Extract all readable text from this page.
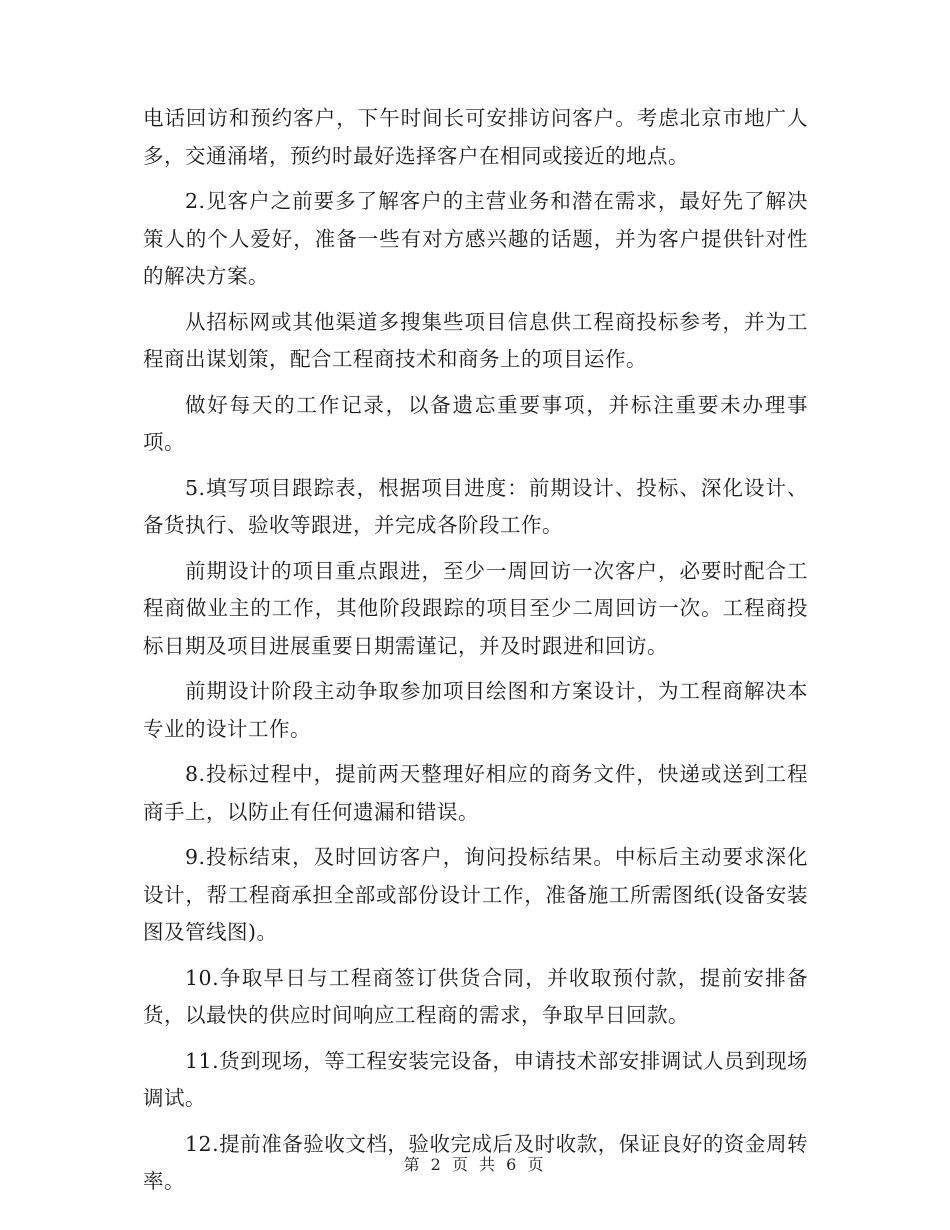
电话回访和预约客户，下午时间长可安排访问客户。考虑北京市地广人多，交通涌堵，预约时最好选择客户在相同或接近的地点。

2.见客户之前要多了解客户的主营业务和潜在需求，最好先了解决策人的个人爱好，准备一些有对方感兴趣的话题，并为客户提供针对性的解决方案。

从招标网或其他渠道多搜集些项目信息供工程商投标参考，并为工程商出谋划策，配合工程商技术和商务上的项目运作。

做好每天的工作记录，以备遗忘重要事项，并标注重要未办理事项。

5.填写项目跟踪表，根据项目进度：前期设计、投标、深化设计、备货执行、验收等跟进，并完成各阶段工作。

前期设计的项目重点跟进，至少一周回访一次客户，必要时配合工程商做业主的工作，其他阶段跟踪的项目至少二周回访一次。工程商投标日期及项目进展重要日期需谨记，并及时跟进和回访。

前期设计阶段主动争取参加项目绘图和方案设计，为工程商解决本专业的设计工作。

8.投标过程中，提前两天整理好相应的商务文件，快递或送到工程商手上，以防止有任何遗漏和错误。

9.投标结束，及时回访客户，询问投标结果。中标后主动要求深化设计，帮工程商承担全部或部份设计工作，准备施工所需图纸(设备安装图及管线图)。

10.争取早日与工程商签订供货合同，并收取预付款，提前安排备货，以最快的供应时间响应工程商的需求，争取早日回款。

11.货到现场，等工程安装完设备，申请技术部安排调试人员到现场调试。

12.提前准备验收文档，验收完成后及时收款，保证良好的资金周转率。

第 2 页 共 6 页
